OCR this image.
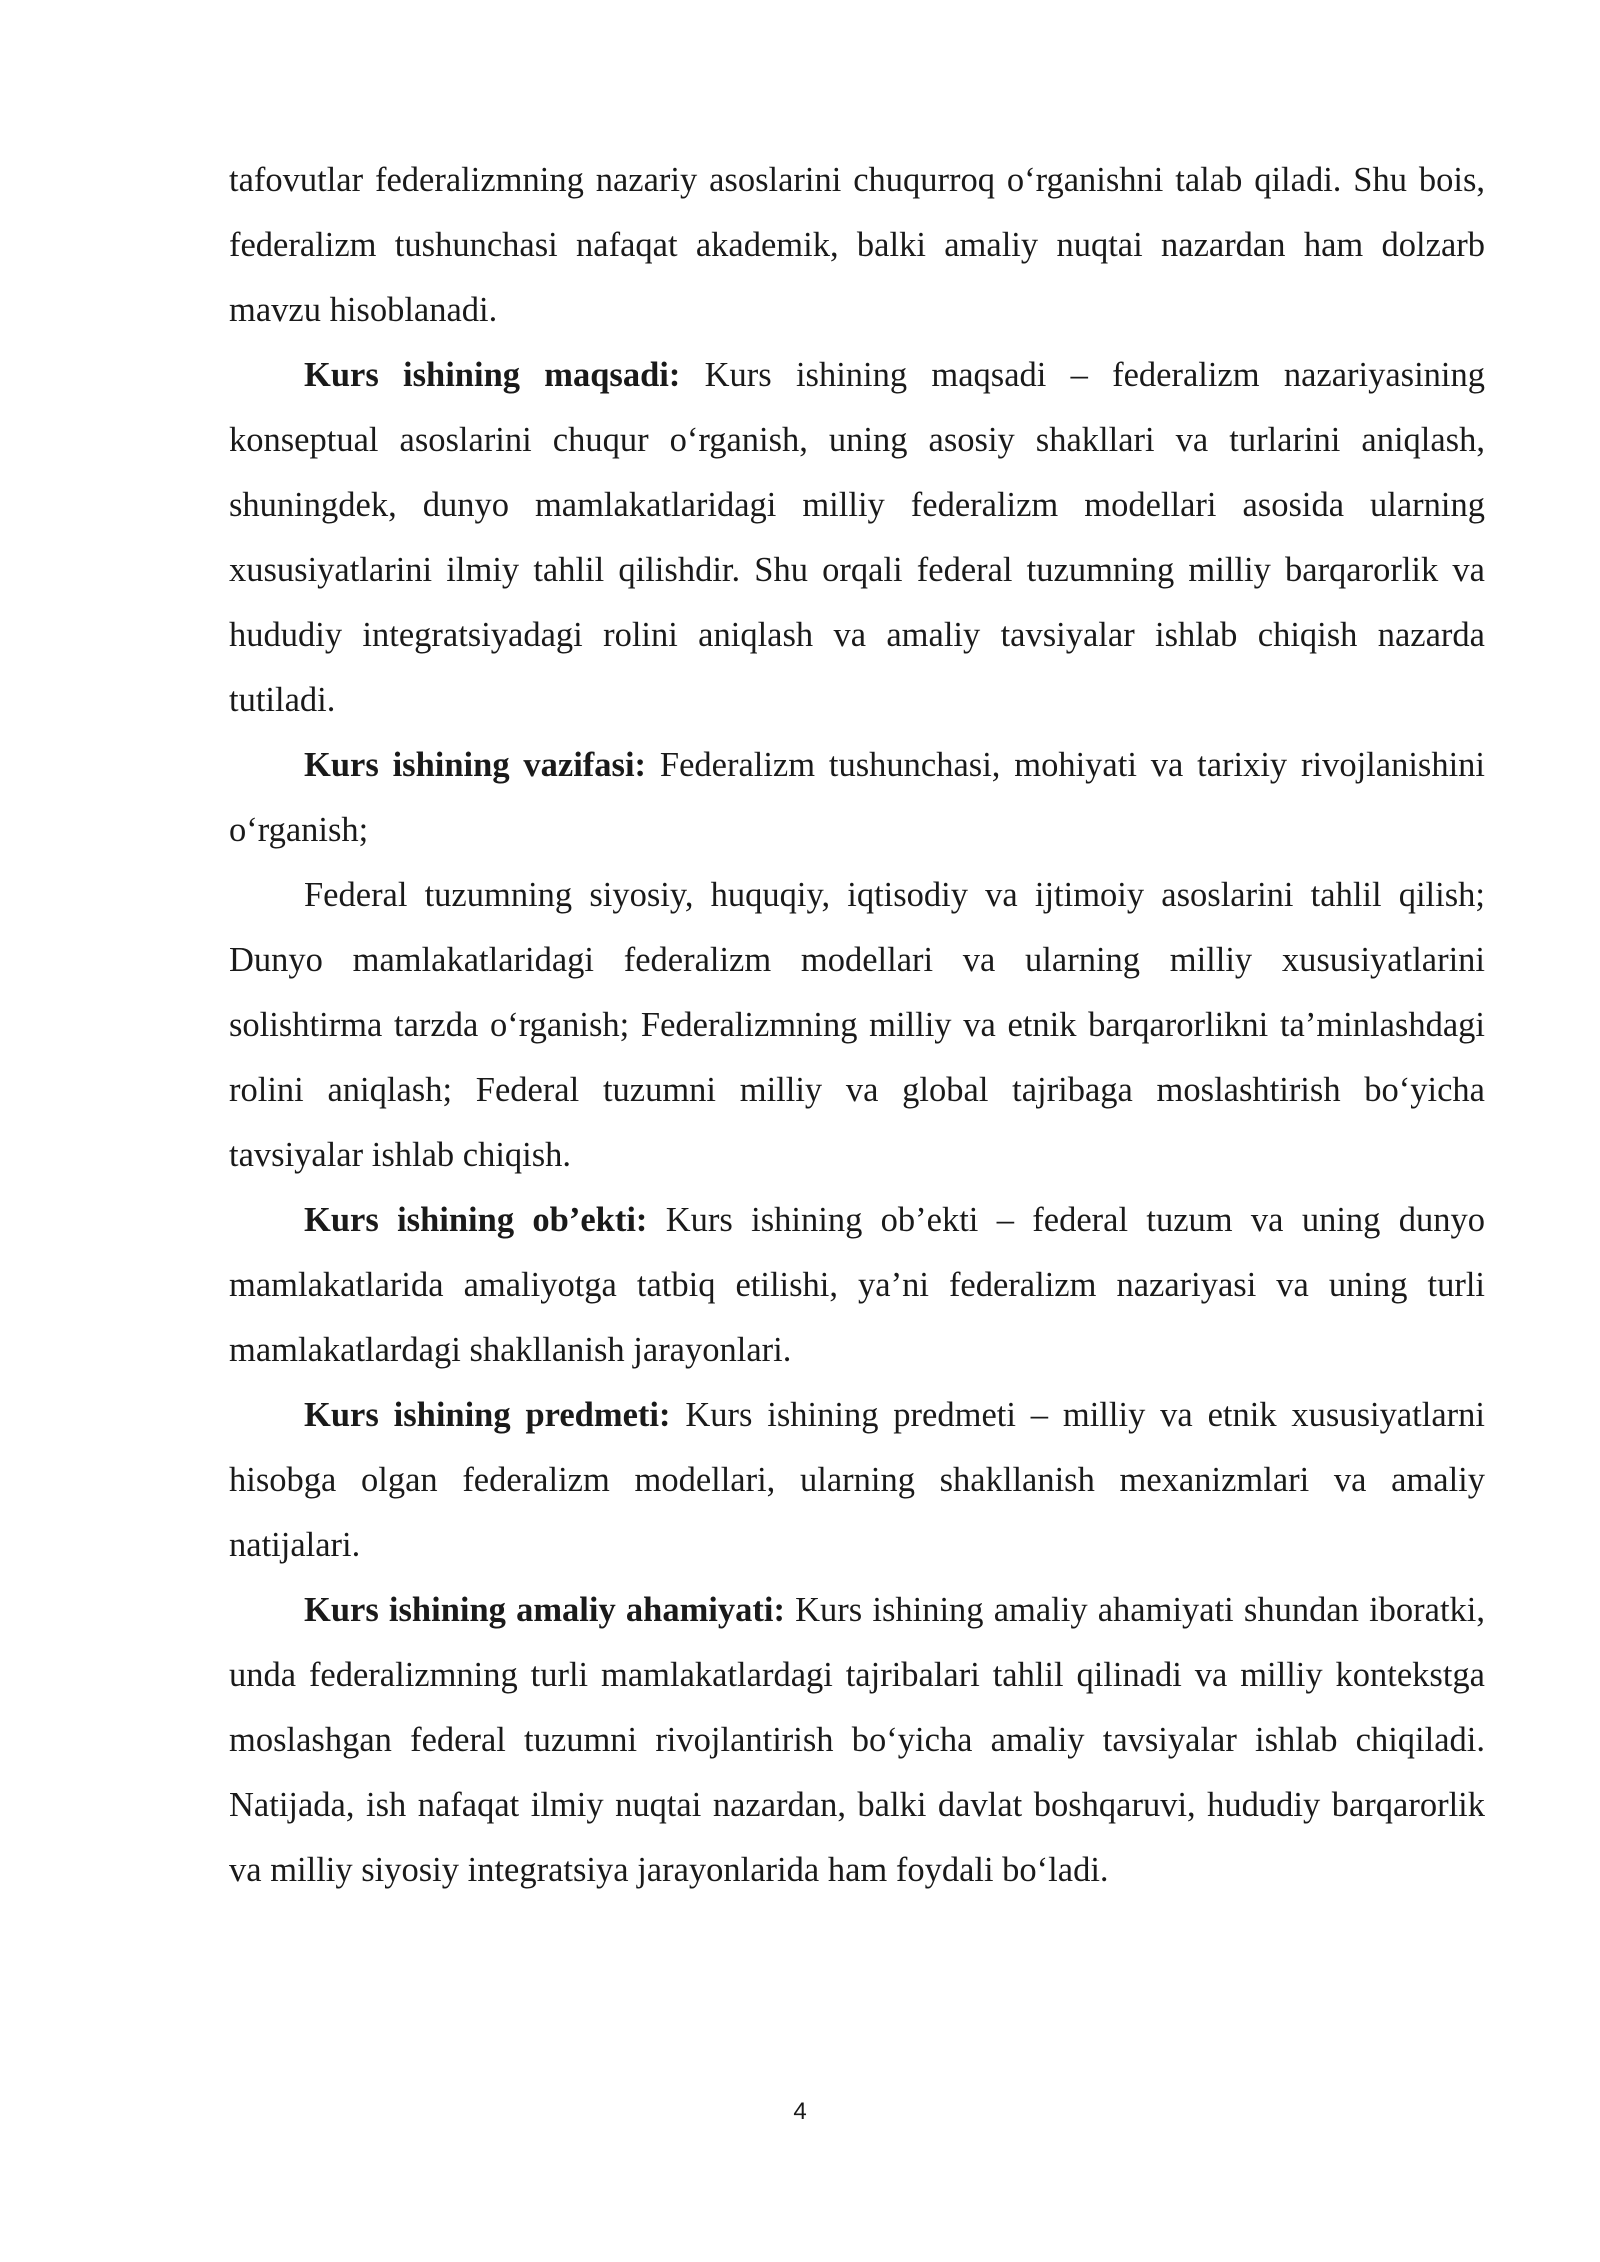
tafovutlar federalizmning nazariy asoslarini chuqurroq o‘rganishni talab qiladi. Shu bois, federalizm tushunchasi nafaqat akademik, balki amaliy nuqtai nazardan ham dolzarb mavzu hisoblanadi.

Kurs ishining maqsadi: Kurs ishining maqsadi – federalizm nazariyasining konseptual asoslarini chuqur o‘rganish, uning asosiy shakllari va turlarini aniqlash, shuningdek, dunyo mamlakatlaridagi milliy federalizm modellari asosida ularning xususiyatlarini ilmiy tahlil qilishdir. Shu orqali federal tuzumning milliy barqarorlik va hududiy integratsiyadagi rolini aniqlash va amaliy tavsiyalar ishlab chiqish nazarda tutiladi.

Kurs ishining vazifasi: Federalizm tushunchasi, mohiyati va tarixiy rivojlanishini o‘rganish;

Federal tuzumning siyosiy, huquqiy, iqtisodiy va ijtimoiy asoslarini tahlil qilish; Dunyo mamlakatlaridagi federalizm modellari va ularning milliy xususiyatlarini solishtirma tarzda o‘rganish; Federalizmning milliy va etnik barqarorlikni ta’minlashdagi rolini aniqlash; Federal tuzumni milliy va global tajribaga moslashtirish bo‘yicha tavsiyalar ishlab chiqish.

Kurs ishining ob’ekti: Kurs ishining ob’ekti – federal tuzum va uning dunyo mamlakatlarida amaliyotga tatbiq etilishi, ya’ni federalizm nazariyasi va uning turli mamlakatlardagi shakllanish jarayonlari.

Kurs ishining predmeti: Kurs ishining predmeti – milliy va etnik xususiyatlarni hisobga olgan federalizm modellari, ularning shakllanish mexanizmlari va amaliy natijalari.

Kurs ishining amaliy ahamiyati: Kurs ishining amaliy ahamiyati shundan iboratki, unda federalizmning turli mamlakatlardagi tajribalari tahlil qilinadi va milliy kontekstga moslashgan federal tuzumni rivojlantirish bo‘yicha amaliy tavsiyalar ishlab chiqiladi. Natijada, ish nafaqat ilmiy nuqtai nazardan, balki davlat boshqaruvi, hududiy barqarorlik va milliy siyosiy integratsiya jarayonlarida ham foydali bo‘ladi.

4
